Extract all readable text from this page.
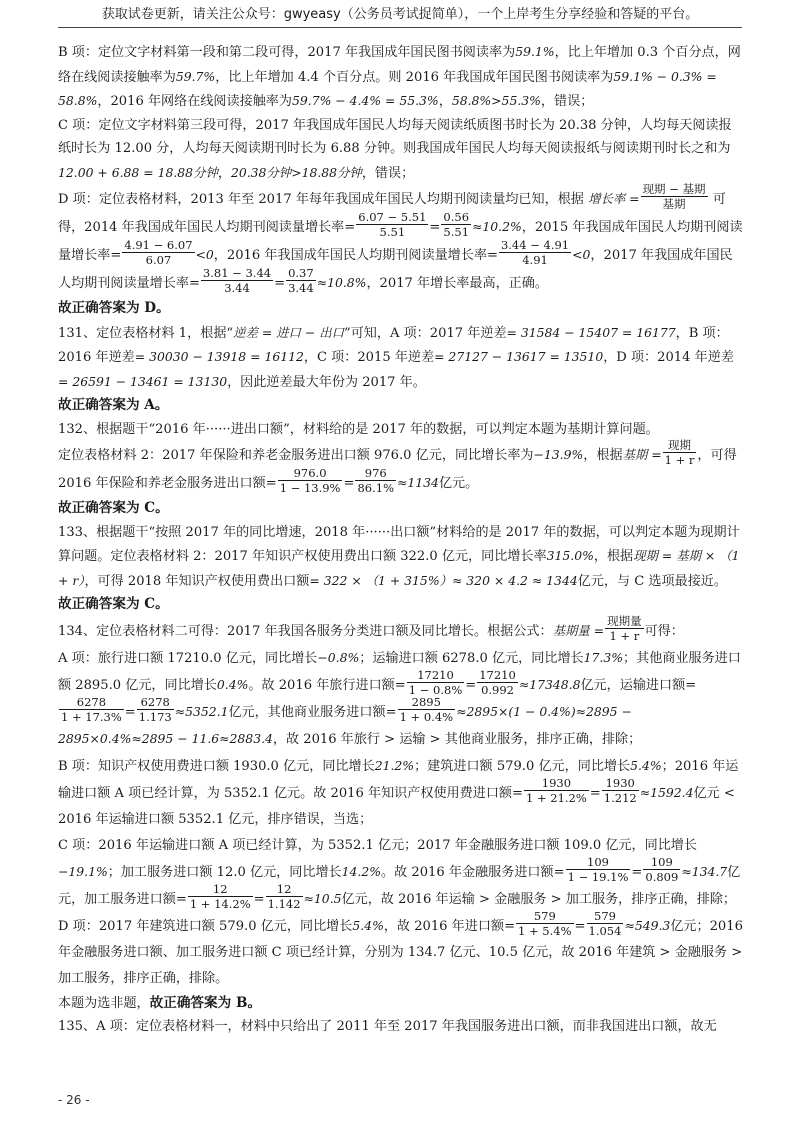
获取试卷更新，请关注公众号：gwyeasy（公务员考试捉简单），一个上岸考生分享经验和答疑的平台。

B 项：定位文字材料第一段和第二段可得，2017 年我国成年国民图书阅读率为59.1%，比上年增加 0.3 个百分点，网络在线阅读接触率为59.7%，比上年增加 4.4 个百分点。则 2016 年我国成年国民图书阅读率为59.1% − 0.3% = 58.8%，2016 年网络在线阅读接触率为59.7% − 4.4% = 55.3%，58.8%>55.3%，错误；

C 项：定位文字材料第三段可得，2017 年我国成年国民人均每天阅读纸质图书时长为 20.38 分钟，人均每天阅读报纸时长为 12.00 分，人均每天阅读期刊时长为 6.88 分钟。则我国成年国民人均每天阅读报纸与阅读期刊时长之和为12.00 + 6.88 = 18.88分钟，20.38分钟>18.88分钟，错误；

D 项：定位表格材料，2013 年至 2017 年每年我国成年国民人均期刊阅读量均已知，根据 增长率 = $\frac{\text{现期 − 基期}}{\text{基期}}$ 可得，2014 年我国成年国民人均期刊阅读量增长率= $\frac{6.07 - 5.51}{5.51} = \frac{0.56}{5.51} \approx 10.2\%$，2015 年我国成年国民人均期刊阅读量增长率= $\frac{4.91 - 6.07}{6.07} <0$，2016 年我国成年国民人均期刊阅读量增长率= $\frac{3.44 - 4.91}{4.91} <0$，2017 年我国成年国民人均期刊阅读量增长率= $\frac{3.81 - 3.44}{3.44} = \frac{0.37}{3.44} \approx 10.8\%$，2017 年增长率最高，正确。

故正确答案为 D。

131、定位表格材料 1，根据“逆差 = 进口 − 出口”可知，A 项：2017 年逆差= 31584 − 15407 = 16177，B 项：2016 年逆差= 30030 − 13918 = 16112，C 项：2015 年逆差= 27127 − 13617 = 13510，D 项：2014 年逆差= 26591 − 13461 = 13130，因此逆差最大年份为 2017 年。

故正确答案为 A。

132、根据题干“2016 年······进出口额”，材料给的是 2017 年的数据，可以判定本题为基期计算问题。

定位表格材料 2：2017 年保险和养老金服务进出口额 976.0 亿元，同比增长率为−13.9%，根据基期 = $\frac{\text{现期}}{1 + r}$ ，可得 2016 年保险和养老金服务进出口额= $\frac{976.0}{1 - 13.9\%} = \frac{976}{86.1\%} \approx 1134$亿元。

故正确答案为 C。

133、根据题干“按照 2017 年的同比增速，2018 年······出口额”材料给的是 2017 年的数据，可以判定本题为现期计算问题。定位表格材料 2：2017 年知识产权使用费出口额 322.0 亿元，同比增长率315.0%，根据现期 = 基期 × （1 + r），可得 2018 年知识产权使用费出口额= 322 × （1 + 315%）≈ 320 × 4.2 ≈ 1344亿元，与 C 选项最接近。

故正确答案为 C。

134、定位表格材料二可得：2017 年我国各服务分类进口额及同比增长。根据公式：基期量 = $\frac{\text{现期量}}{1 + r}$ 可得：

A 项：旅行进口额 17210.0 亿元，同比增长−0.8%；运输进口额 6278.0 亿元，同比增长17.3%；其他商业服务进口额 2895.0 亿元，同比增长0.4%。故 2016 年旅行进口额= $\frac{17210}{1 - 0.8\%} = \frac{17210}{0.992} \approx 17348.8$亿元，运输进口额=
$\frac{6278}{1 + 17.3\%} = \frac{6278}{1.173} \approx 5352.1$亿元，其他商业服务进口额= $\frac{2895}{1 + 0.4\%} \approx 2895\times(1 - 0.4\%)\approx 2895 - 2895\times 0.4\%\approx 2895 - 11.6\approx 2883.4$，故 2016 年旅行 > 运输 > 其他商业服务，排序正确，排除；

B 项：知识产权使用费进口额 1930.0 亿元，同比增长21.2%；建筑进口额 579.0 亿元，同比增长5.4%；2016 年运输进口额 A 项已经计算，为 5352.1 亿元。故 2016 年知识产权使用费进口额= $\frac{1930}{1 + 21.2\%} = \frac{1930}{1.212} \approx 1592.4$亿元 < 2016 年运输进口额 5352.1 亿元，排序错误，当选；

C 项：2016 年运输进口额 A 项已经计算，为 5352.1 亿元；2017 年金融服务进口额 109.0 亿元，同比增长−19.1%；加工服务进口额 12.0 亿元，同比增长14.2%。故 2016 年金融服务进口额= $\frac{109}{1 - 19.1\%} = \frac{109}{0.809} \approx 134.7$亿元，加工服务进口额= $\frac{12}{1 + 14.2\%} = \frac{12}{1.142} \approx 10.5$亿元，故 2016 年运输 > 金融服务 > 加工服务，排序正确，排除；

D 项：2017 年建筑进口额 579.0 亿元，同比增长5.4%，故 2016 年进口额= $\frac{579}{1 + 5.4\%} = \frac{579}{1.054} \approx 549.3$亿元；2016 年金融服务进口额、加工服务进口额 C 项已经计算，分别为 134.7 亿元、10.5 亿元，故 2016 年建筑 > 金融服务 > 加工服务，排序正确，排除。

本题为选非题，故正确答案为 B。

135、A 项：定位表格材料一，材料中只给出了 2011 年至 2017 年我国服务进出口额，而非我国进出口额，故无

- 26 -
